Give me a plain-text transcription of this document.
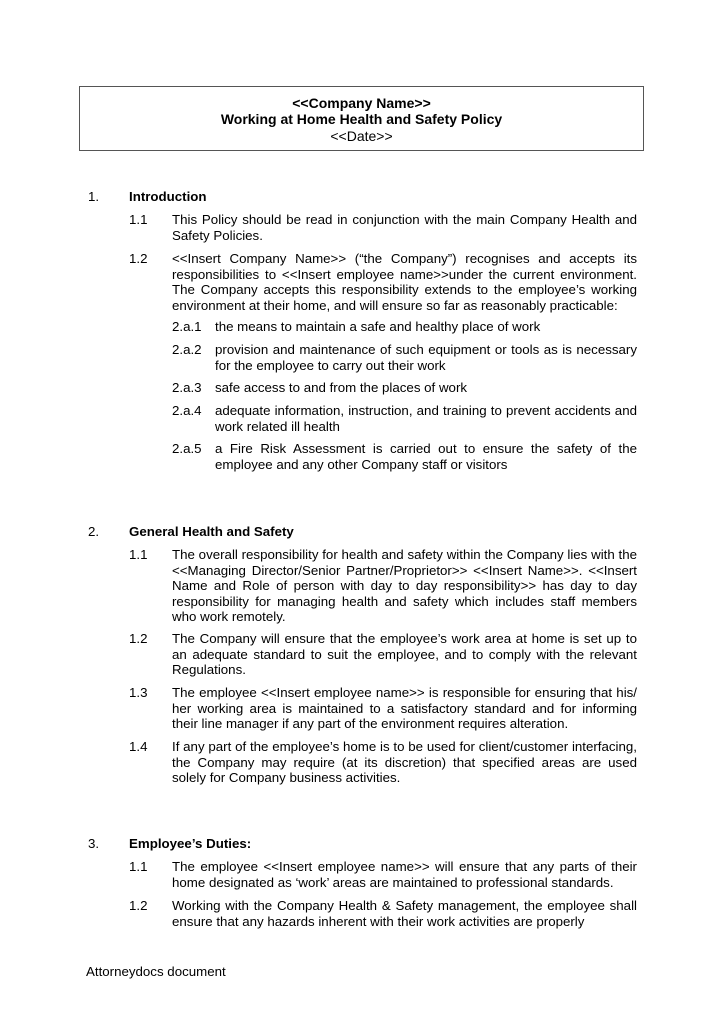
<<Company Name>>
Working at Home Health and Safety Policy
<<Date>>
1. Introduction
1.1 This Policy should be read in conjunction with the main Company Health and Safety Policies.
1.2 <<Insert Company Name>> (“the Company”) recognises and accepts its responsibilities to <<Insert employee name>>under the current environment. The Company accepts this responsibility extends to the employee’s working environment at their home, and will ensure so far as reasonably practicable:
2.a.1 the means to maintain a safe and healthy place of work
2.a.2 provision and maintenance of such equipment or tools as is necessary for the employee to carry out their work
2.a.3 safe access to and from the places of work
2.a.4 adequate information, instruction, and training to prevent accidents and work related ill health
2.a.5 a Fire Risk Assessment is carried out to ensure the safety of the employee and any other Company staff or visitors
2. General Health and Safety
1.1 The overall responsibility for health and safety within the Company lies with the <<Managing Director/Senior Partner/Proprietor>> <<Insert Name>>. <<Insert Name and Role of person with day to day responsibility>> has day to day responsibility for managing health and safety which includes staff members who work remotely.
1.2 The Company will ensure that the employee’s work area at home is set up to an adequate standard to suit the employee, and to comply with the relevant Regulations.
1.3 The employee <<Insert employee name>> is responsible for ensuring that his/ her working area is maintained to a satisfactory standard and for informing their line manager if any part of the environment requires alteration.
1.4 If any part of the employee’s home is to be used for client/customer interfacing, the Company may require (at its discretion) that specified areas are used solely for Company business activities.
3. Employee’s Duties:
1.1 The employee <<Insert employee name>> will ensure that any parts of their home designated as ‘work’ areas are maintained to professional standards.
1.2 Working with the Company Health & Safety management, the employee shall ensure that any hazards inherent with their work activities are properly
Attorneydocs document
